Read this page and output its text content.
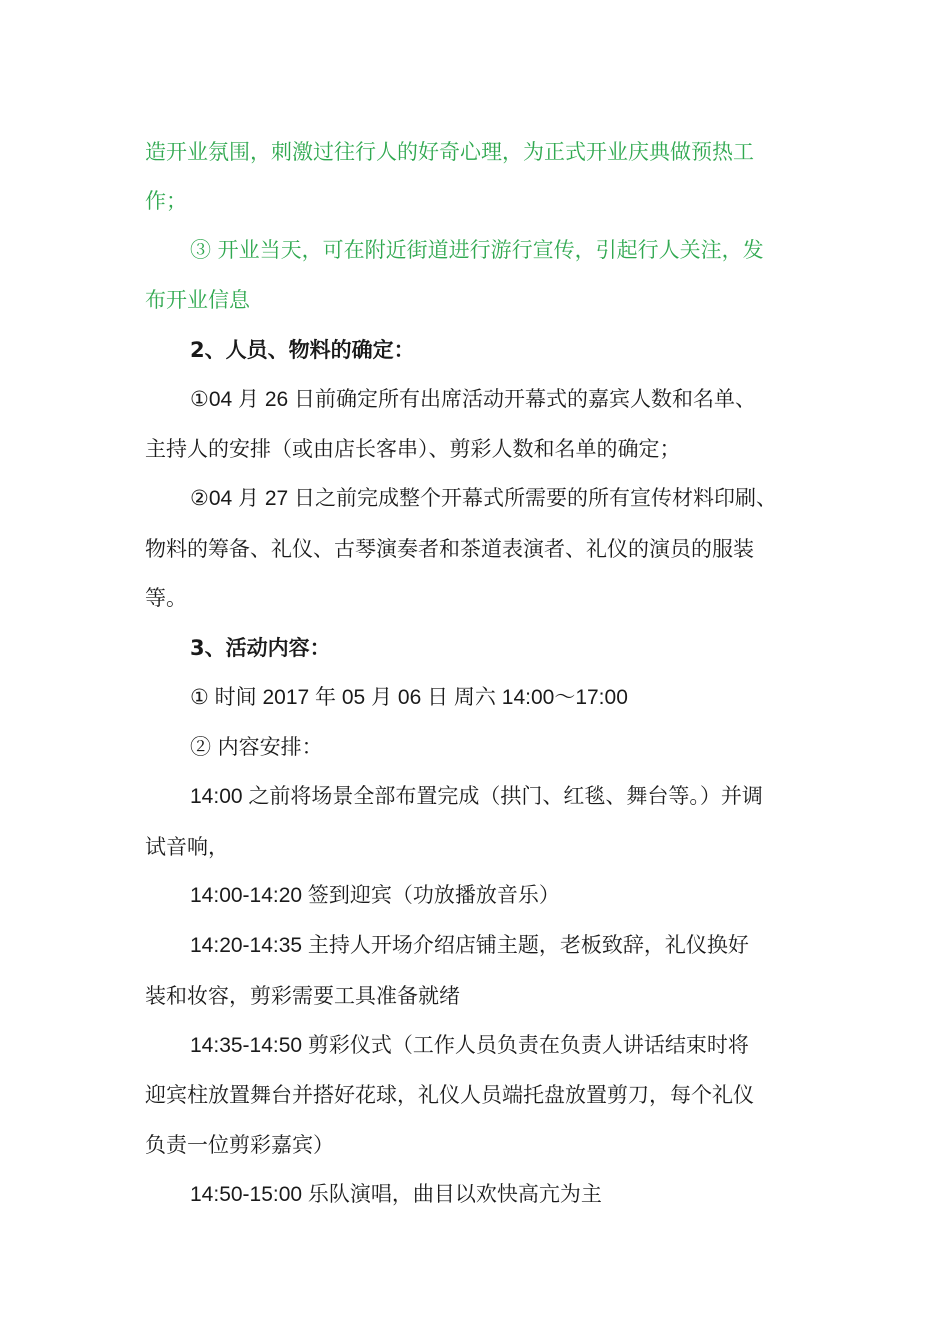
造开业氛围，刺激过往行人的好奇心理，为正式开业庆典做预热工
作；
③ 开业当天，可在附近街道进行游行宣传，引起行人关注，发
布开业信息
2、人员、物料的确定：
①04 月 26 日前确定所有出席活动开幕式的嘉宾人数和名单、
主持人的安排（或由店长客串）、剪彩人数和名单的确定；
②04 月 27 日之前完成整个开幕式所需要的所有宣传材料印刷、
物料的筹备、礼仪、古琴演奏者和茶道表演者、礼仪的演员的服装
等。
3、活动内容：
① 时间 2017 年 05 月 06 日 周六 14:00～17:00
② 内容安排：
14:00 之前将场景全部布置完成（拱门、红毯、舞台等。）并调
试音响，
14:00-14:20 签到迎宾（功放播放音乐）
14:20-14:35 主持人开场介绍店铺主题，老板致辞，礼仪换好
装和妆容，剪彩需要工具准备就绪
14:35-14:50 剪彩仪式（工作人员负责在负责人讲话结束时将
迎宾柱放置舞台并搭好花球，礼仪人员端托盘放置剪刀，每个礼仪
负责一位剪彩嘉宾）
14:50-15:00 乐队演唱，曲目以欢快高亢为主
